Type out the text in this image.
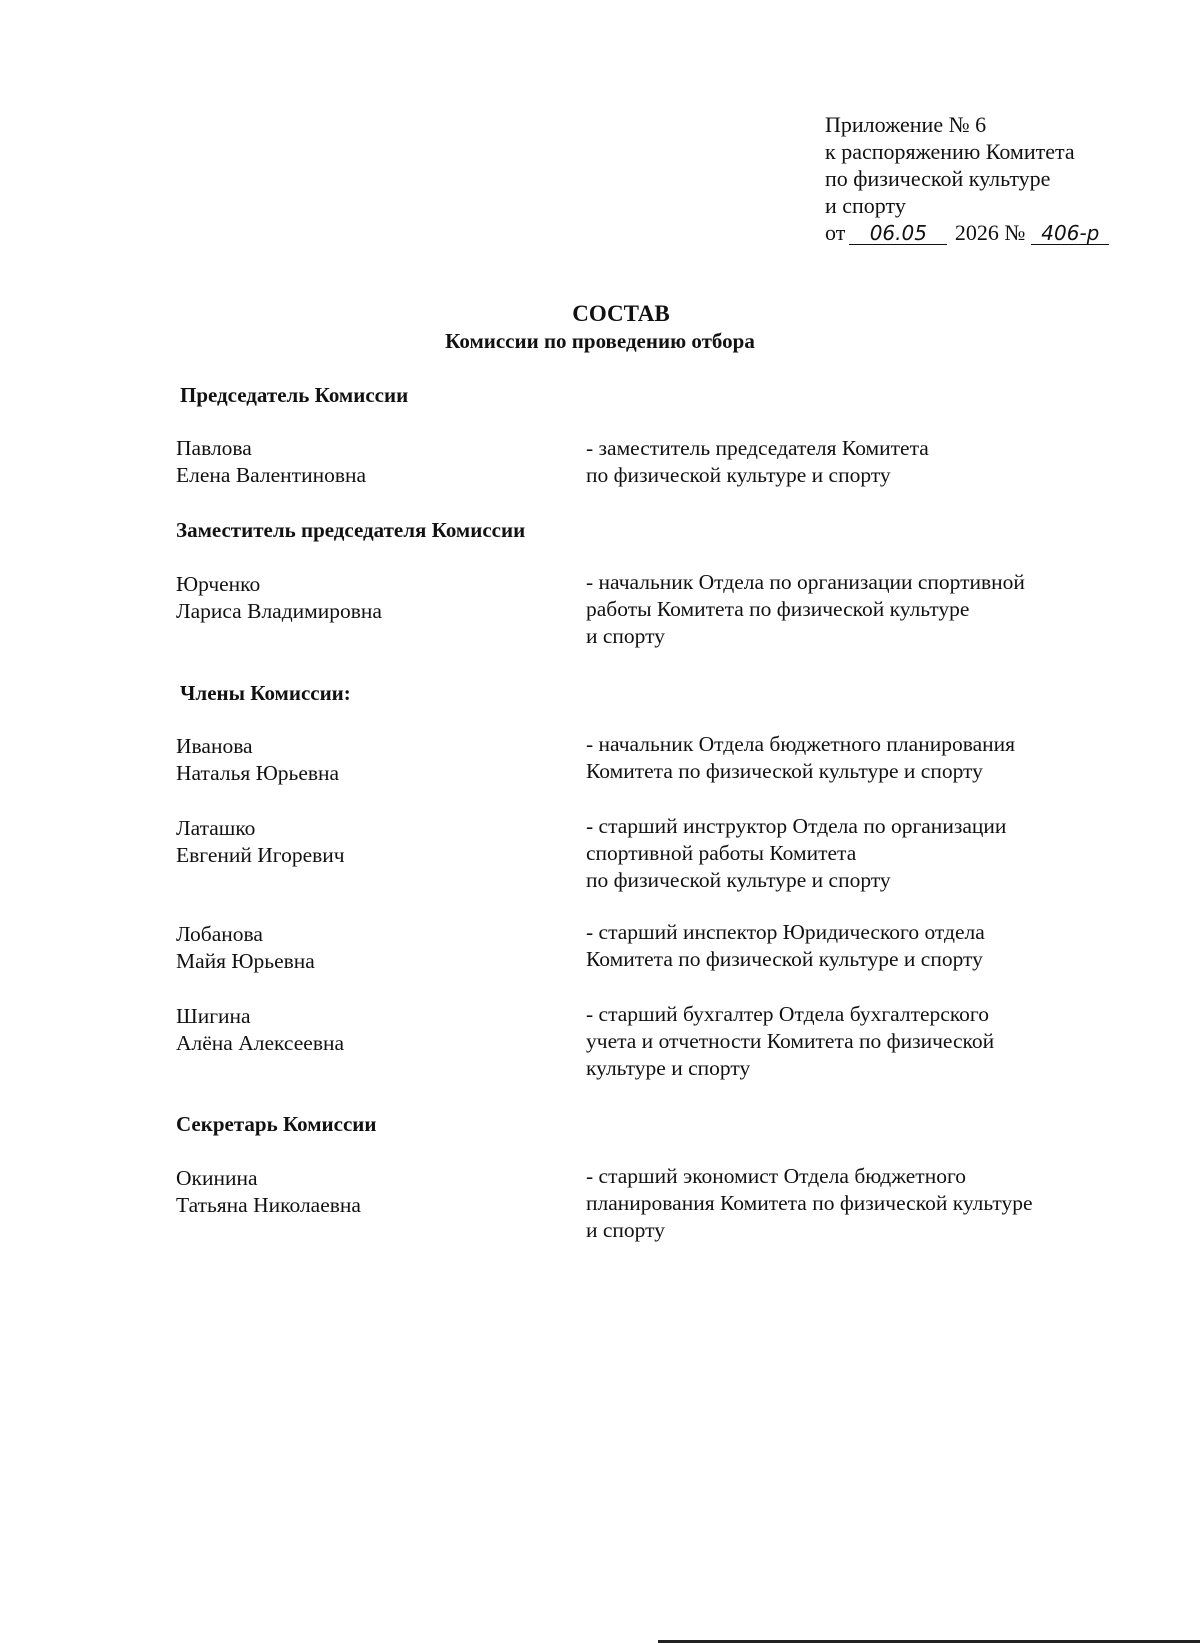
Приложение № 6
к распоряжению Комитета
по физической культуре
и спорту
от 06.05 2026 № 406-р
СОСТАВ
Комиссии по проведению отбора
Председатель Комиссии
Павлова
Елена Валентиновна
- заместитель председателя Комитета
по физической культуре и спорту
Заместитель председателя Комиссии
Юрченко
Лариса Владимировна
- начальник Отдела по организации спортивной
работы Комитета по физической культуре
и спорту
Члены Комиссии:
Иванова
Наталья Юрьевна
- начальник Отдела бюджетного планирования
Комитета по физической культуре и спорту
Латашко
Евгений Игоревич
- старший инструктор Отдела по организации
спортивной работы Комитета
по физической культуре и спорту
Лобанова
Майя Юрьевна
- старший инспектор Юридического отдела
Комитета по физической культуре и спорту
Шигина
Алёна Алексеевна
- старший бухгалтер Отдела бухгалтерского
учета и отчетности Комитета по физической
культуре и спорту
Секретарь Комиссии
Окинина
Татьяна Николаевна
- старший экономист Отдела бюджетного
планирования Комитета по физической культуре
и спорту
